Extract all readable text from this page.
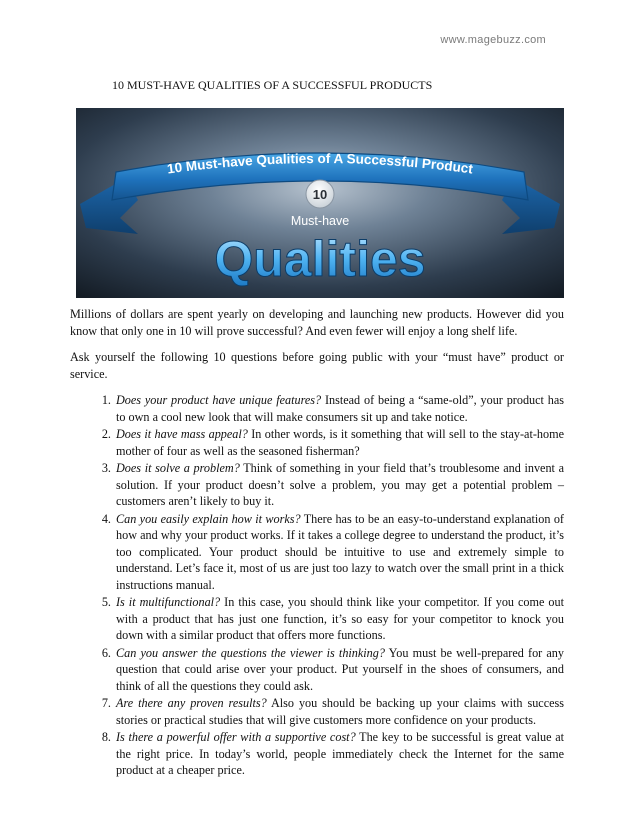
www.magebuzz.com
10 MUST-HAVE QUALITIES OF A SUCCESSFUL PRODUCTS
10 Must-have Qualities of A Successful Product
10
Must-have
Qualities

Millions of dollars are spent yearly on developing and launching new products. However did you know that only one in 10 will prove successful? And even fewer will enjoy a long shelf life.

Ask yourself the following 10 questions before going public with your “must have” product or service.

1. Does your product have unique features? Instead of being a “same-old”, your product has to own a cool new look that will make consumers sit up and take notice.
2. Does it have mass appeal? In other words, is it something that will sell to the stay-at-home mother of four as well as the seasoned fisherman?
3. Does it solve a problem? Think of something in your field that’s troublesome and invent a solution. If your product doesn’t solve a problem, you may get a potential problem – customers aren’t likely to buy it.
4. Can you easily explain how it works? There has to be an easy-to-understand explanation of how and why your product works. If it takes a college degree to understand the product, it’s too complicated. Your product should be intuitive to use and extremely simple to understand. Let’s face it, most of us are just too lazy to watch over the small print in a thick instructions manual.
5. Is it multifunctional? In this case, you should think like your competitor. If you come out with a product that has just one function, it’s so easy for your competitor to knock you down with a similar product that offers more functions.
6. Can you answer the questions the viewer is thinking? You must be well-prepared for any question that could arise over your product. Put yourself in the shoes of consumers, and think of all the questions they could ask.
7. Are there any proven results? Also you should be backing up your claims with success stories or practical studies that will give customers more confidence on your products.
8. Is there a powerful offer with a supportive cost? The key to be successful is great value at the right price. In today’s world, people immediately check the Internet for the same product at a cheaper price.
